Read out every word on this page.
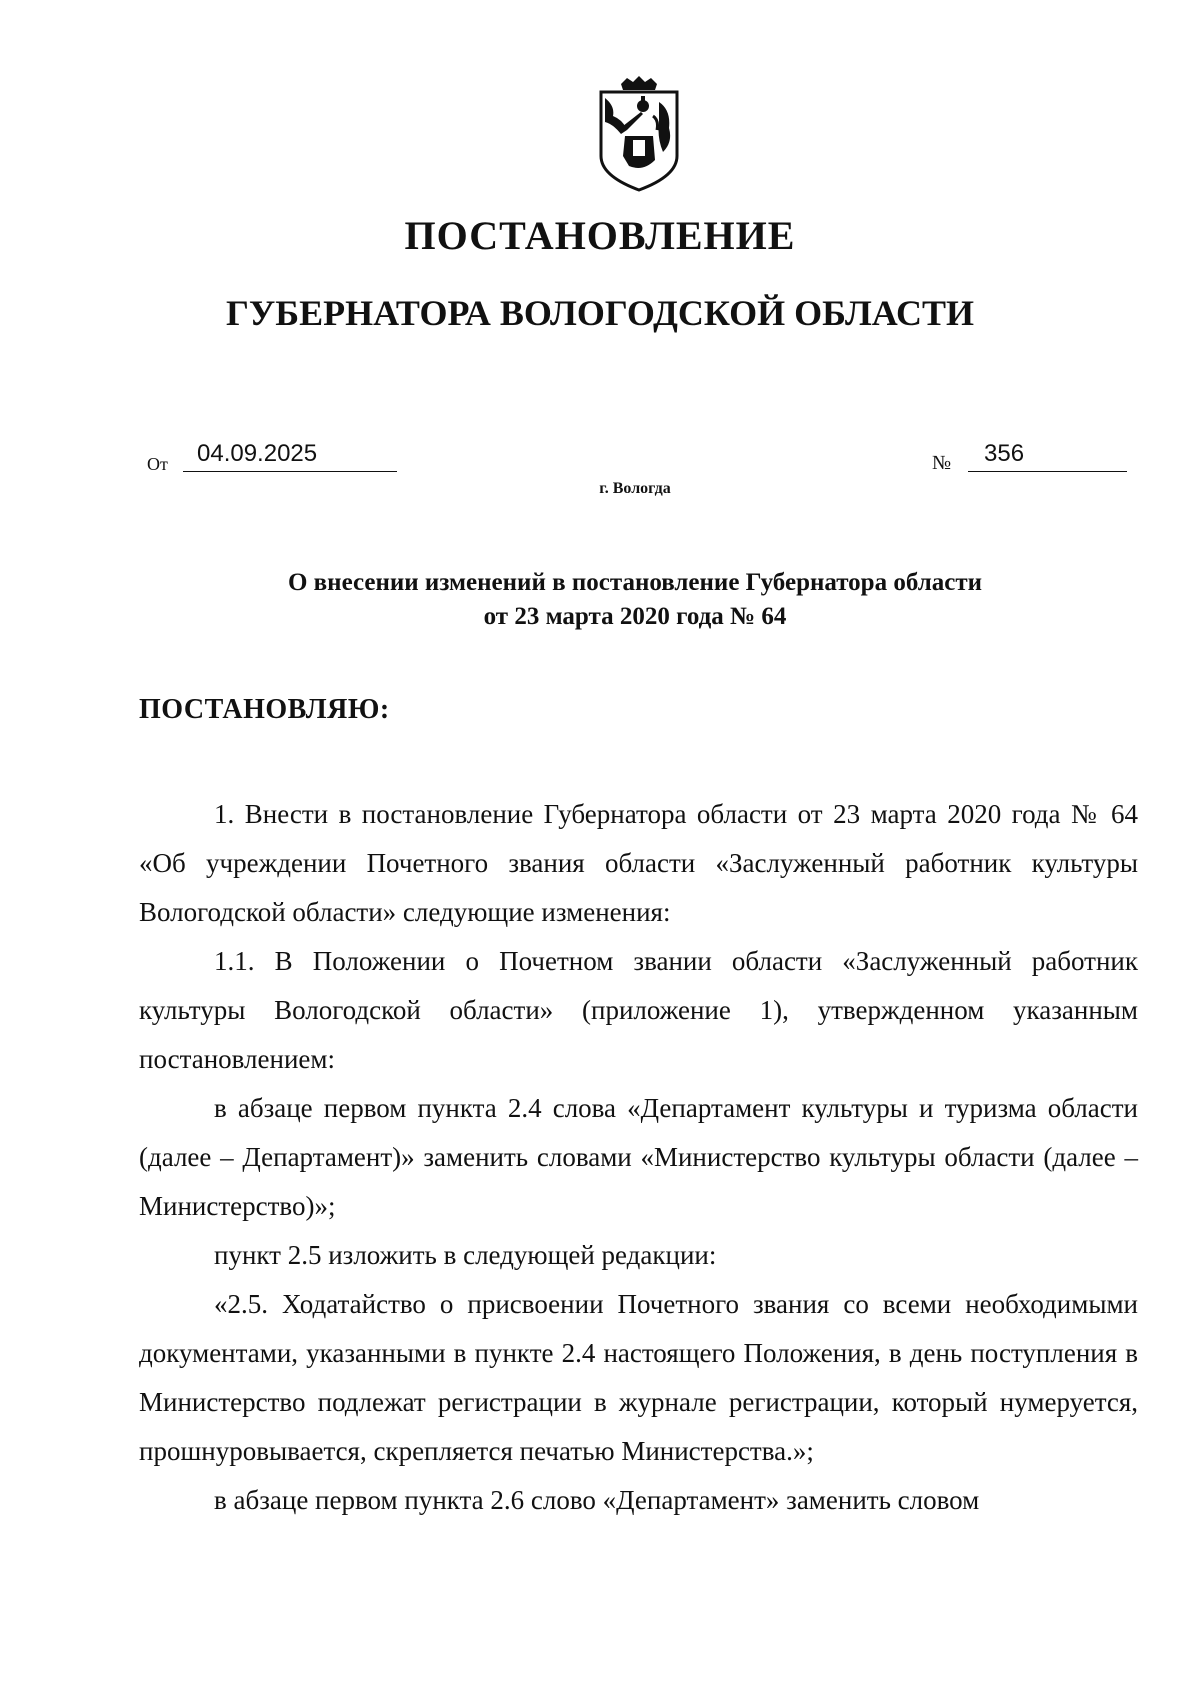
ПОСТАНОВЛЕНИЕ
ГУБЕРНАТОРА ВОЛОГОДСКОЙ ОБЛАСТИ
От 04.09.2025	№ 356
г. Вологда
О внесении изменений в постановление Губернатора области
от 23 марта 2020 года № 64
ПОСТАНОВЛЯЮ:

1. Внести в постановление Губернатора области от 23 марта 2020 года № 64 «Об учреждении Почетного звания области «Заслуженный работник культуры Вологодской области» следующие изменения:

1.1. В Положении о Почетном звании области «Заслуженный работник культуры Вологодской области» (приложение 1), утвержденном указанным постановлением:

в абзаце первом пункта 2.4 слова «Департамент культуры и туризма области (далее – Департамент)» заменить словами «Министерство культуры области (далее – Министерство)»;

пункт 2.5 изложить в следующей редакции:

«2.5. Ходатайство о присвоении Почетного звания со всеми необходимыми документами, указанными в пункте 2.4 настоящего Положения, в день поступления в Министерство подлежат регистрации в журнале регистрации, который нумеруется, прошнуровывается, скрепляется печатью Министерства.»;

в абзаце первом пункта 2.6 слово «Департамент» заменить словом
